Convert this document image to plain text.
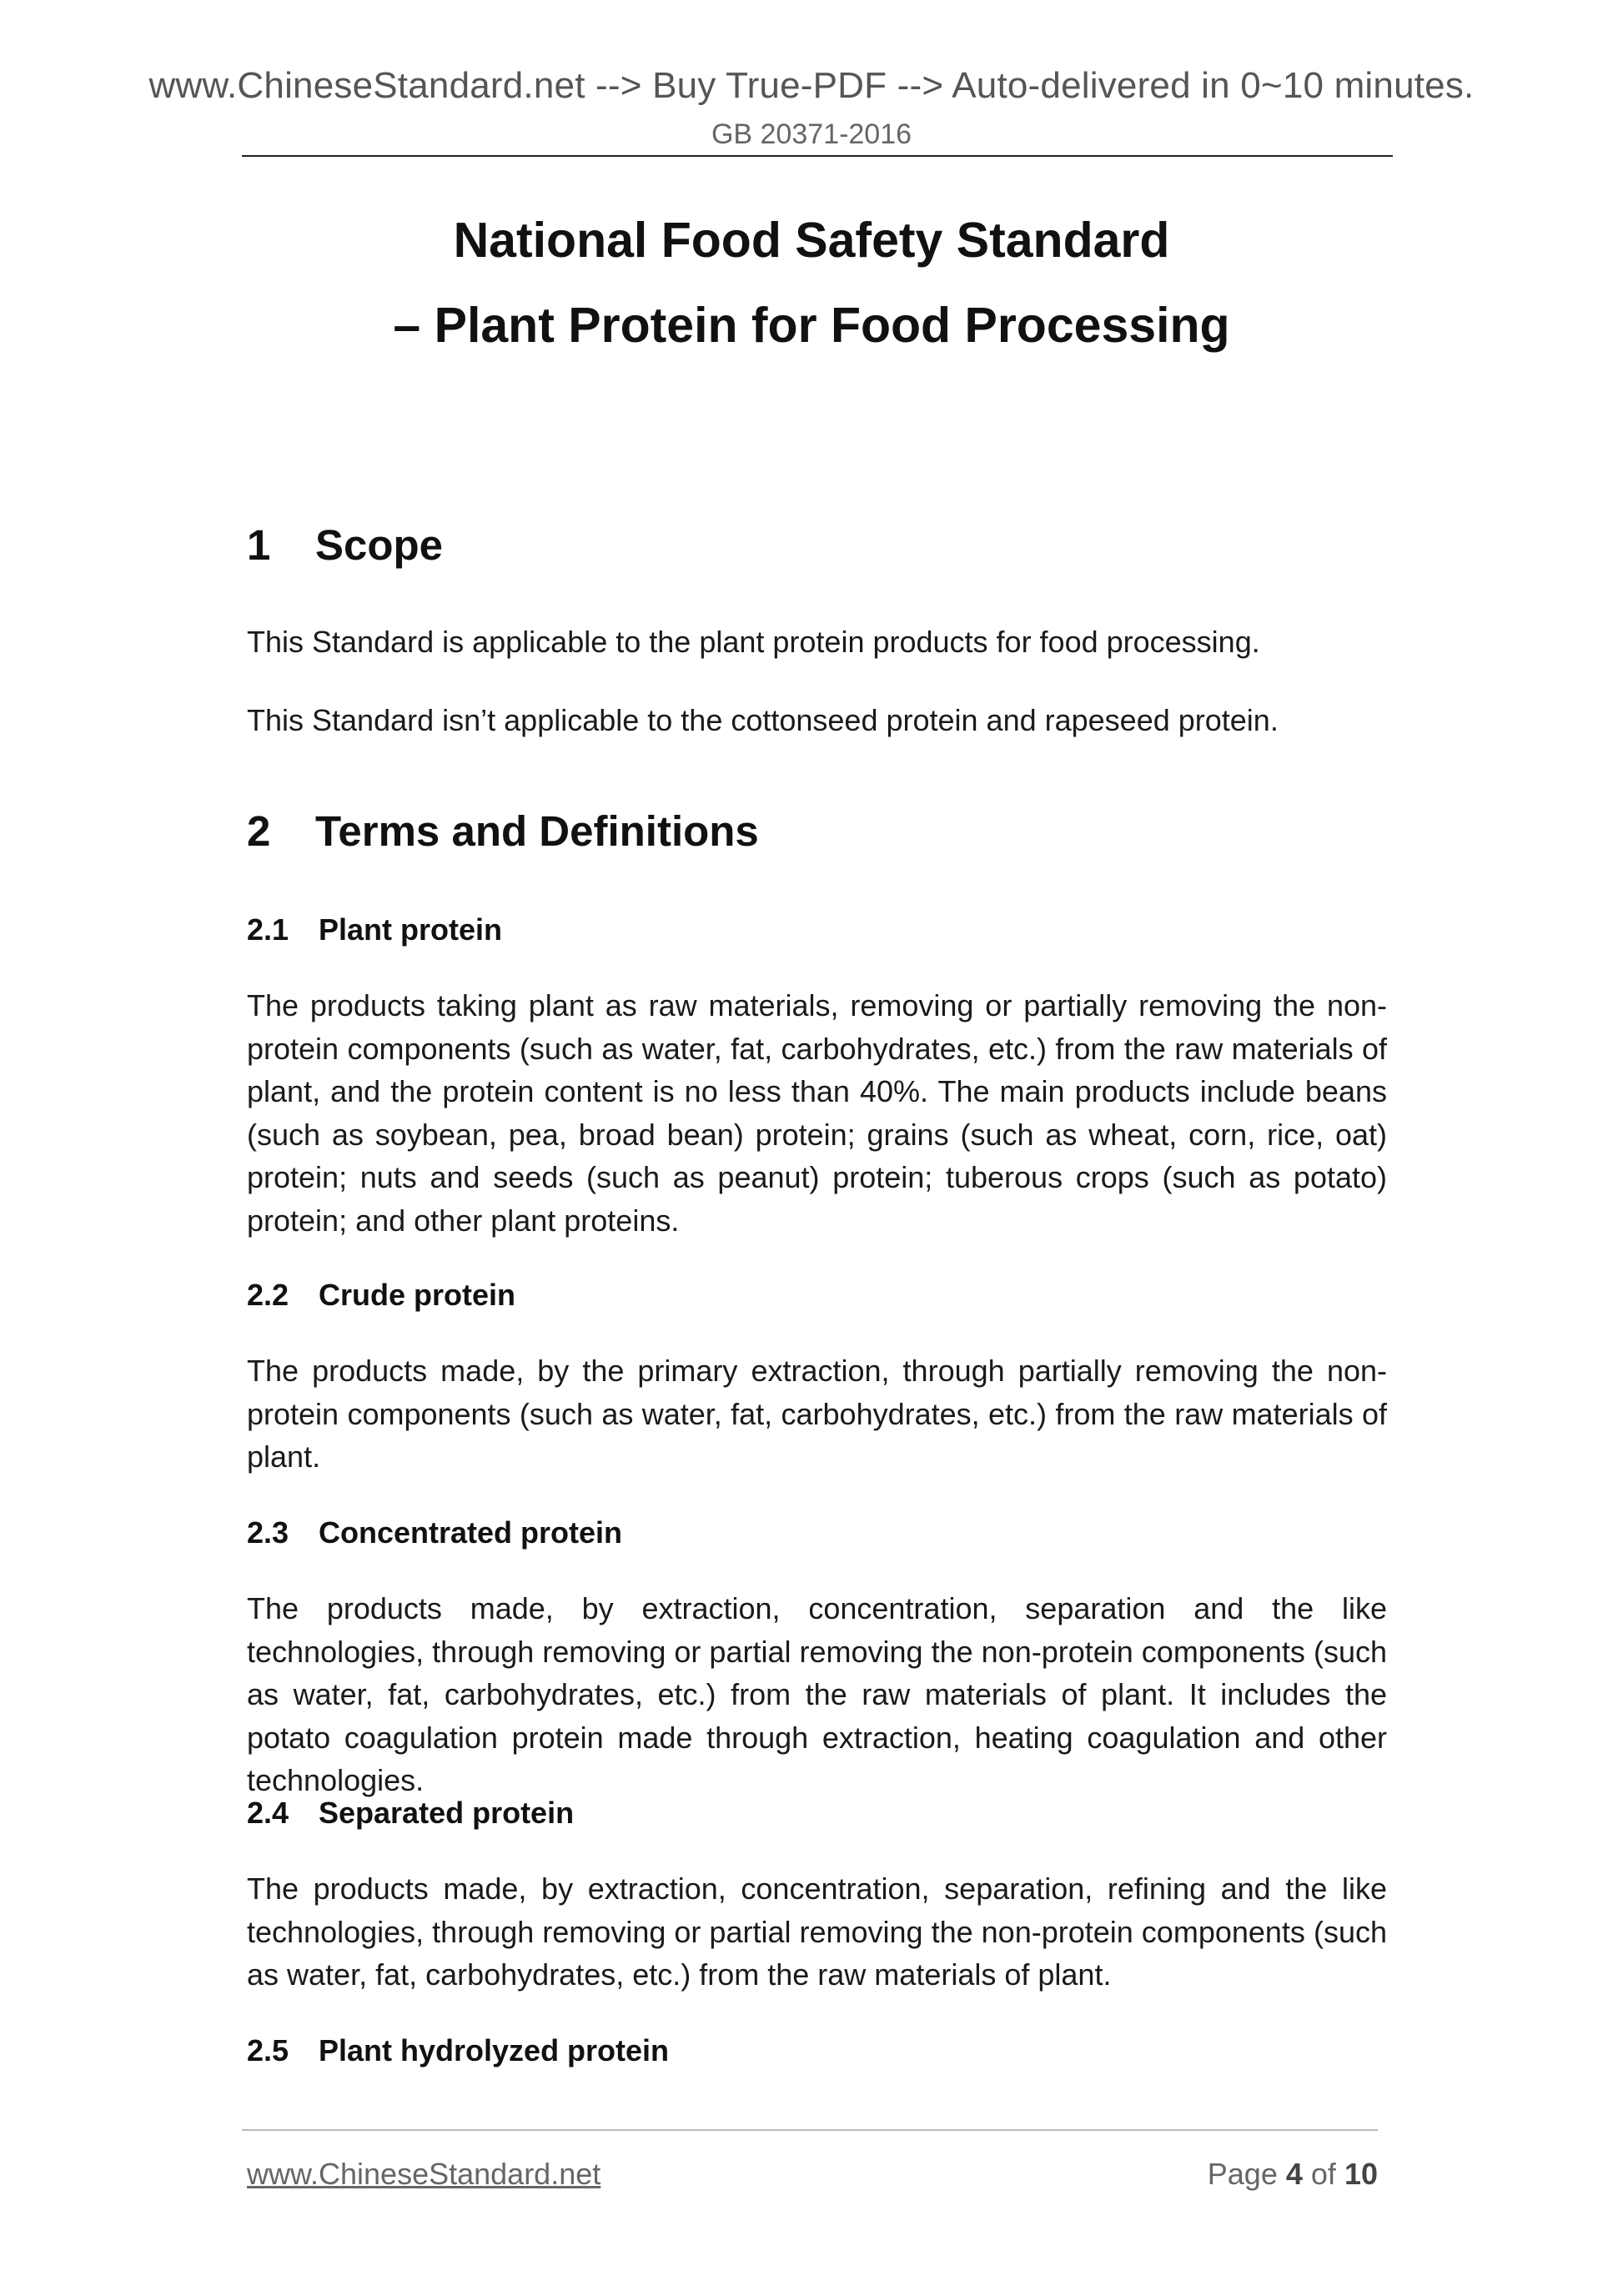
www.ChineseStandard.net --> Buy True-PDF --> Auto-delivered in 0~10 minutes.
GB 20371-2016
National Food Safety Standard
– Plant Protein for Food Processing
1 Scope
This Standard is applicable to the plant protein products for food processing.
This Standard isn’t applicable to the cottonseed protein and rapeseed protein.
2 Terms and Definitions
2.1 Plant protein
The products taking plant as raw materials, removing or partially removing the non-protein components (such as water, fat, carbohydrates, etc.) from the raw materials of plant, and the protein content is no less than 40%. The main products include beans (such as soybean, pea, broad bean) protein; grains (such as wheat, corn, rice, oat) protein; nuts and seeds (such as peanut) protein; tuberous crops (such as potato) protein; and other plant proteins.
2.2 Crude protein
The products made, by the primary extraction, through partially removing the non-protein components (such as water, fat, carbohydrates, etc.) from the raw materials of plant.
2.3 Concentrated protein
The products made, by extraction, concentration, separation and the like technologies, through removing or partial removing the non-protein components (such as water, fat, carbohydrates, etc.) from the raw materials of plant. It includes the potato coagulation protein made through extraction, heating coagulation and other technologies.
2.4 Separated protein
The products made, by extraction, concentration, separation, refining and the like technologies, through removing or partial removing the non-protein components (such as water, fat, carbohydrates, etc.) from the raw materials of plant.
2.5 Plant hydrolyzed protein
www.ChineseStandard.net	Page 4 of 10
